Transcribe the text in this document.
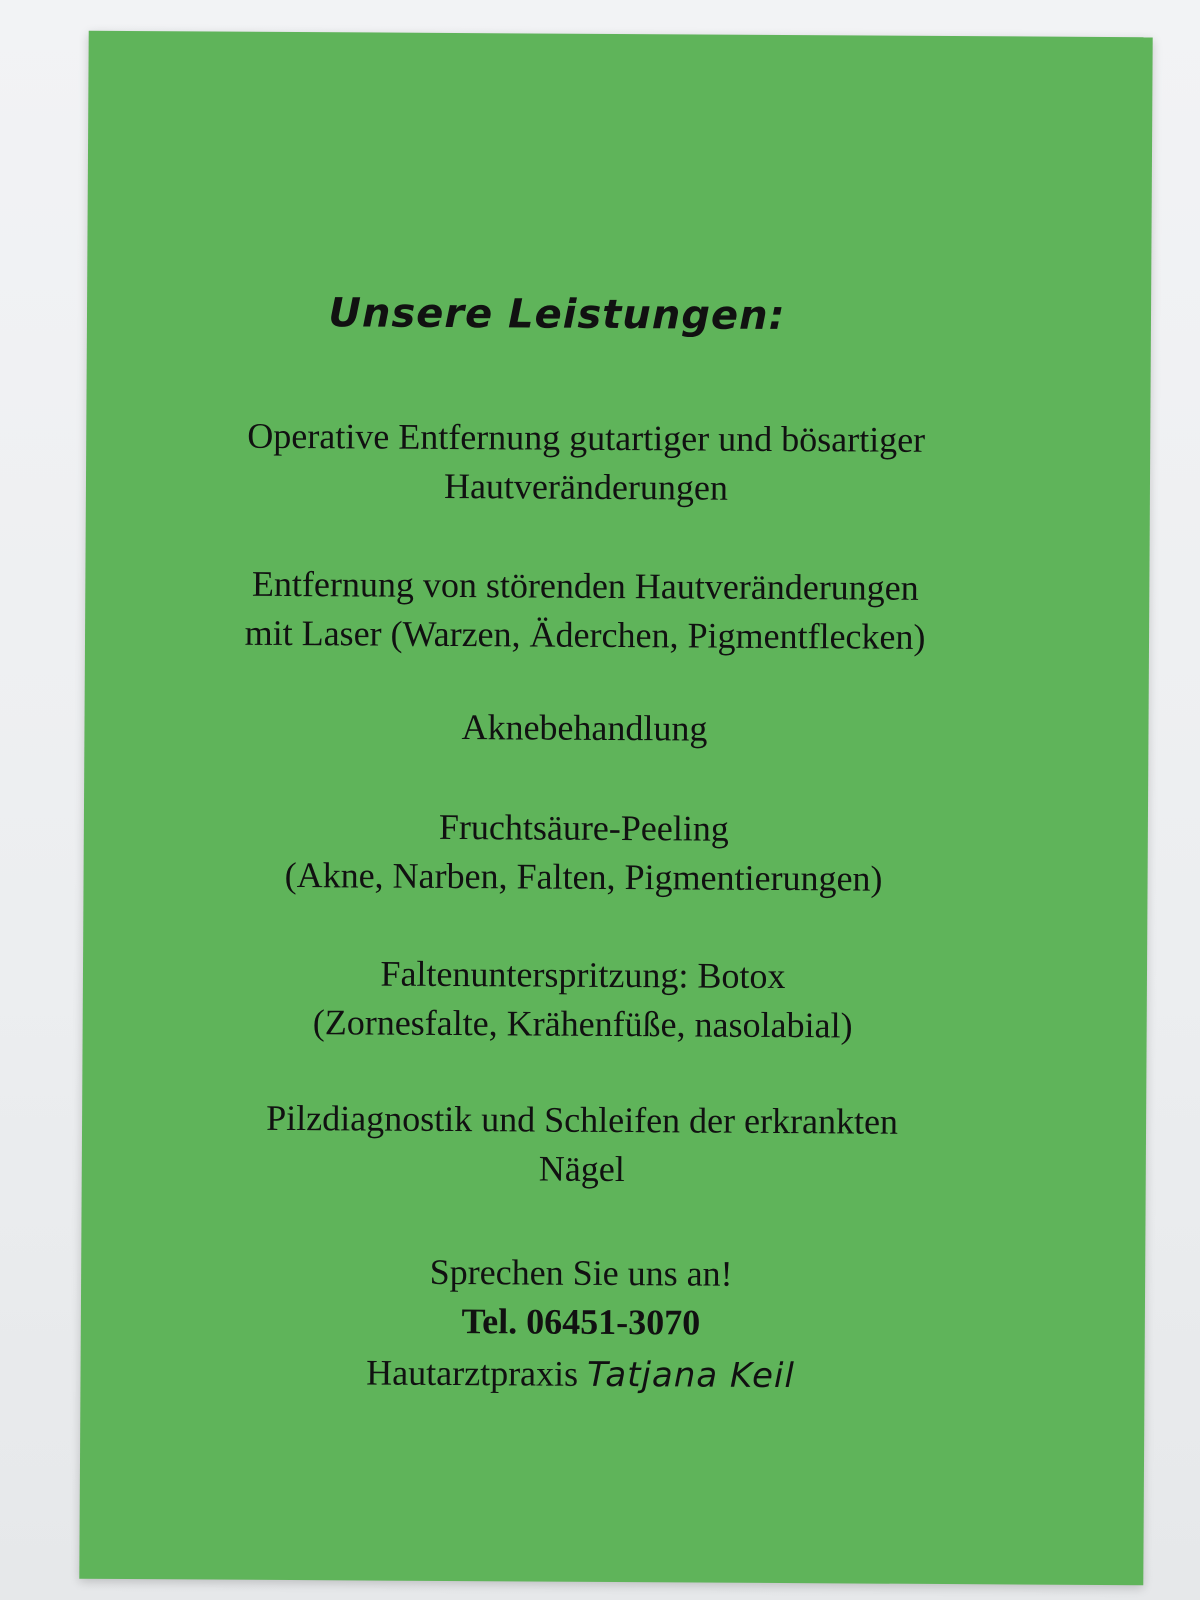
Unsere Leistungen:
Operative Entfernung gutartiger und bösartiger
Hautveränderungen
Entfernung von störenden Hautveränderungen
mit Laser (Warzen, Äderchen, Pigmentflecken)
Aknebehandlung
Fruchtsäure-Peeling
(Akne, Narben, Falten, Pigmentierungen)
Faltenunterspritzung: Botox
(Zornesfalte, Krähenfüße, nasolabial)
Pilzdiagnostik und Schleifen der erkrankten
Nägel
Sprechen Sie uns an!
Tel. 06451-3070
Hautarztpraxis Tatjana Keil
